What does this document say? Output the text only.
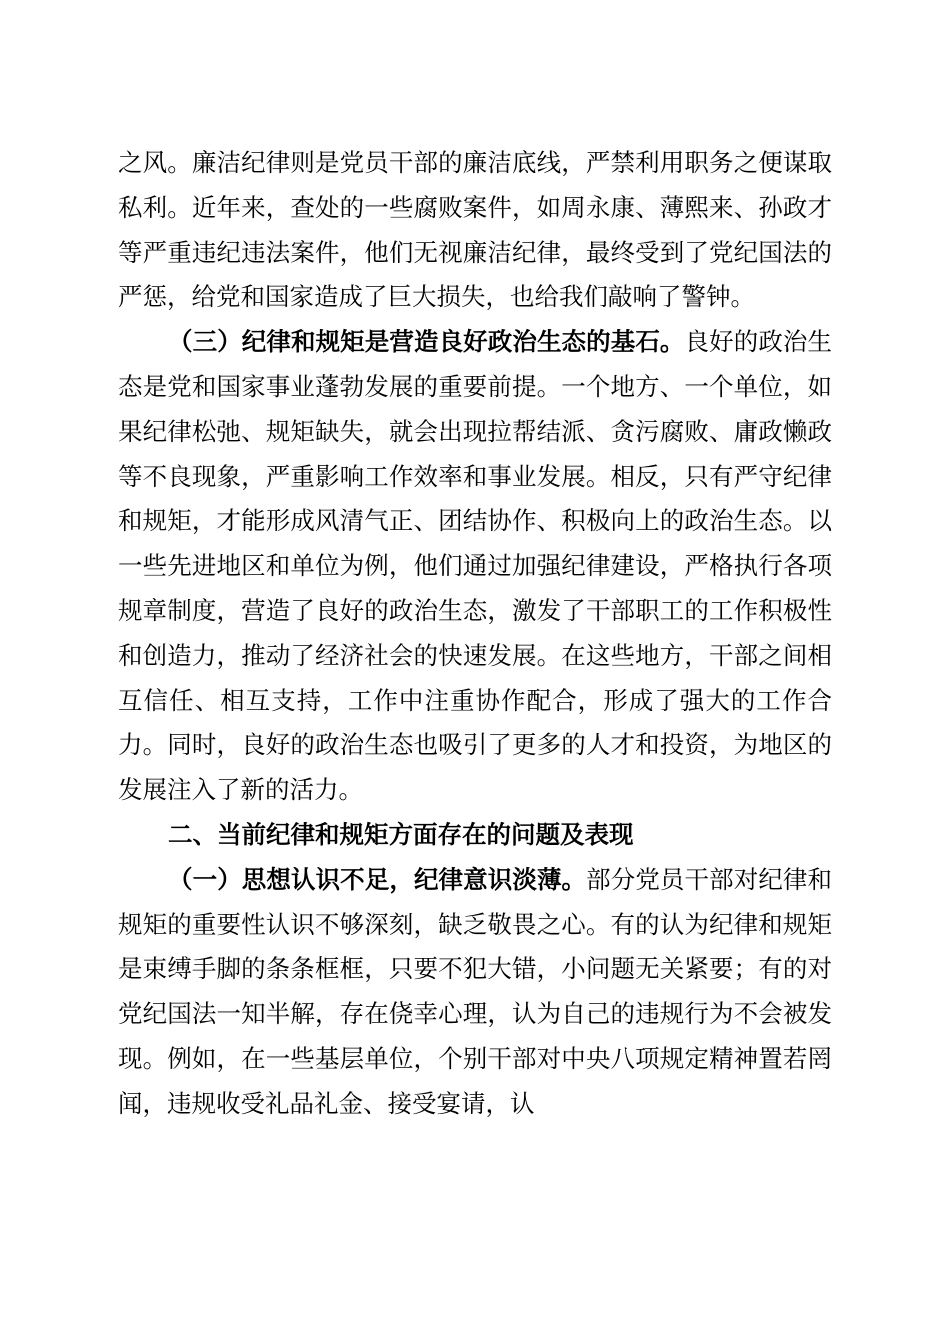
之风。廉洁纪律则是党员干部的廉洁底线，严禁利用职务之便谋取私利。近年来，查处的一些腐败案件，如周永康、薄熙来、孙政才等严重违纪违法案件，他们无视廉洁纪律，最终受到了党纪国法的严惩，给党和国家造成了巨大损失，也给我们敲响了警钟。

（三）纪律和规矩是营造良好政治生态的基石。良好的政治生态是党和国家事业蓬勃发展的重要前提。一个地方、一个单位，如果纪律松弛、规矩缺失，就会出现拉帮结派、贪污腐败、庸政懒政等不良现象，严重影响工作效率和事业发展。相反，只有严守纪律和规矩，才能形成风清气正、团结协作、积极向上的政治生态。以一些先进地区和单位为例，他们通过加强纪律建设，严格执行各项规章制度，营造了良好的政治生态，激发了干部职工的工作积极性和创造力，推动了经济社会的快速发展。在这些地方，干部之间相互信任、相互支持，工作中注重协作配合，形成了强大的工作合力。同时，良好的政治生态也吸引了更多的人才和投资，为地区的发展注入了新的活力。

二、当前纪律和规矩方面存在的问题及表现

（一）思想认识不足，纪律意识淡薄。部分党员干部对纪律和规矩的重要性认识不够深刻，缺乏敬畏之心。有的认为纪律和规矩是束缚手脚的条条框框，只要不犯大错，小问题无关紧要；有的对党纪国法一知半解，存在侥幸心理，认为自己的违规行为不会被发现。例如，在一些基层单位，个别干部对中央八项规定精神置若罔闻，违规收受礼品礼金、接受宴请，认
